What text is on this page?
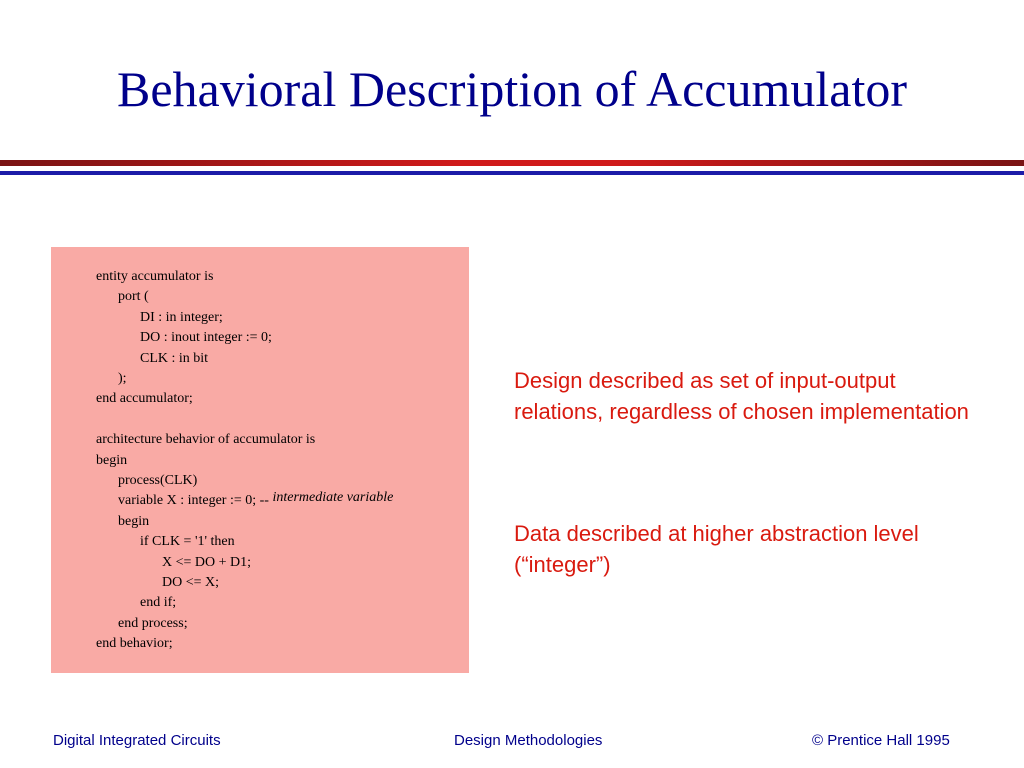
Behavioral Description of Accumulator
entity accumulator is
port (
DI : in integer;
DO : inout integer := 0;
CLK : in bit
);
end accumulator;
architecture behavior of accumulator is
begin
process(CLK)
variable X : integer := 0; -- intermediate variable
begin
if CLK = '1' then
X <= DO + D1;
DO <= X;
end if;
end process;
end behavior;
Design described as set of input-output relations, regardless of chosen implementation
Data described at higher abstraction level (“integer”)
Digital Integrated Circuits	Design Methodologies	© Prentice Hall 1995
